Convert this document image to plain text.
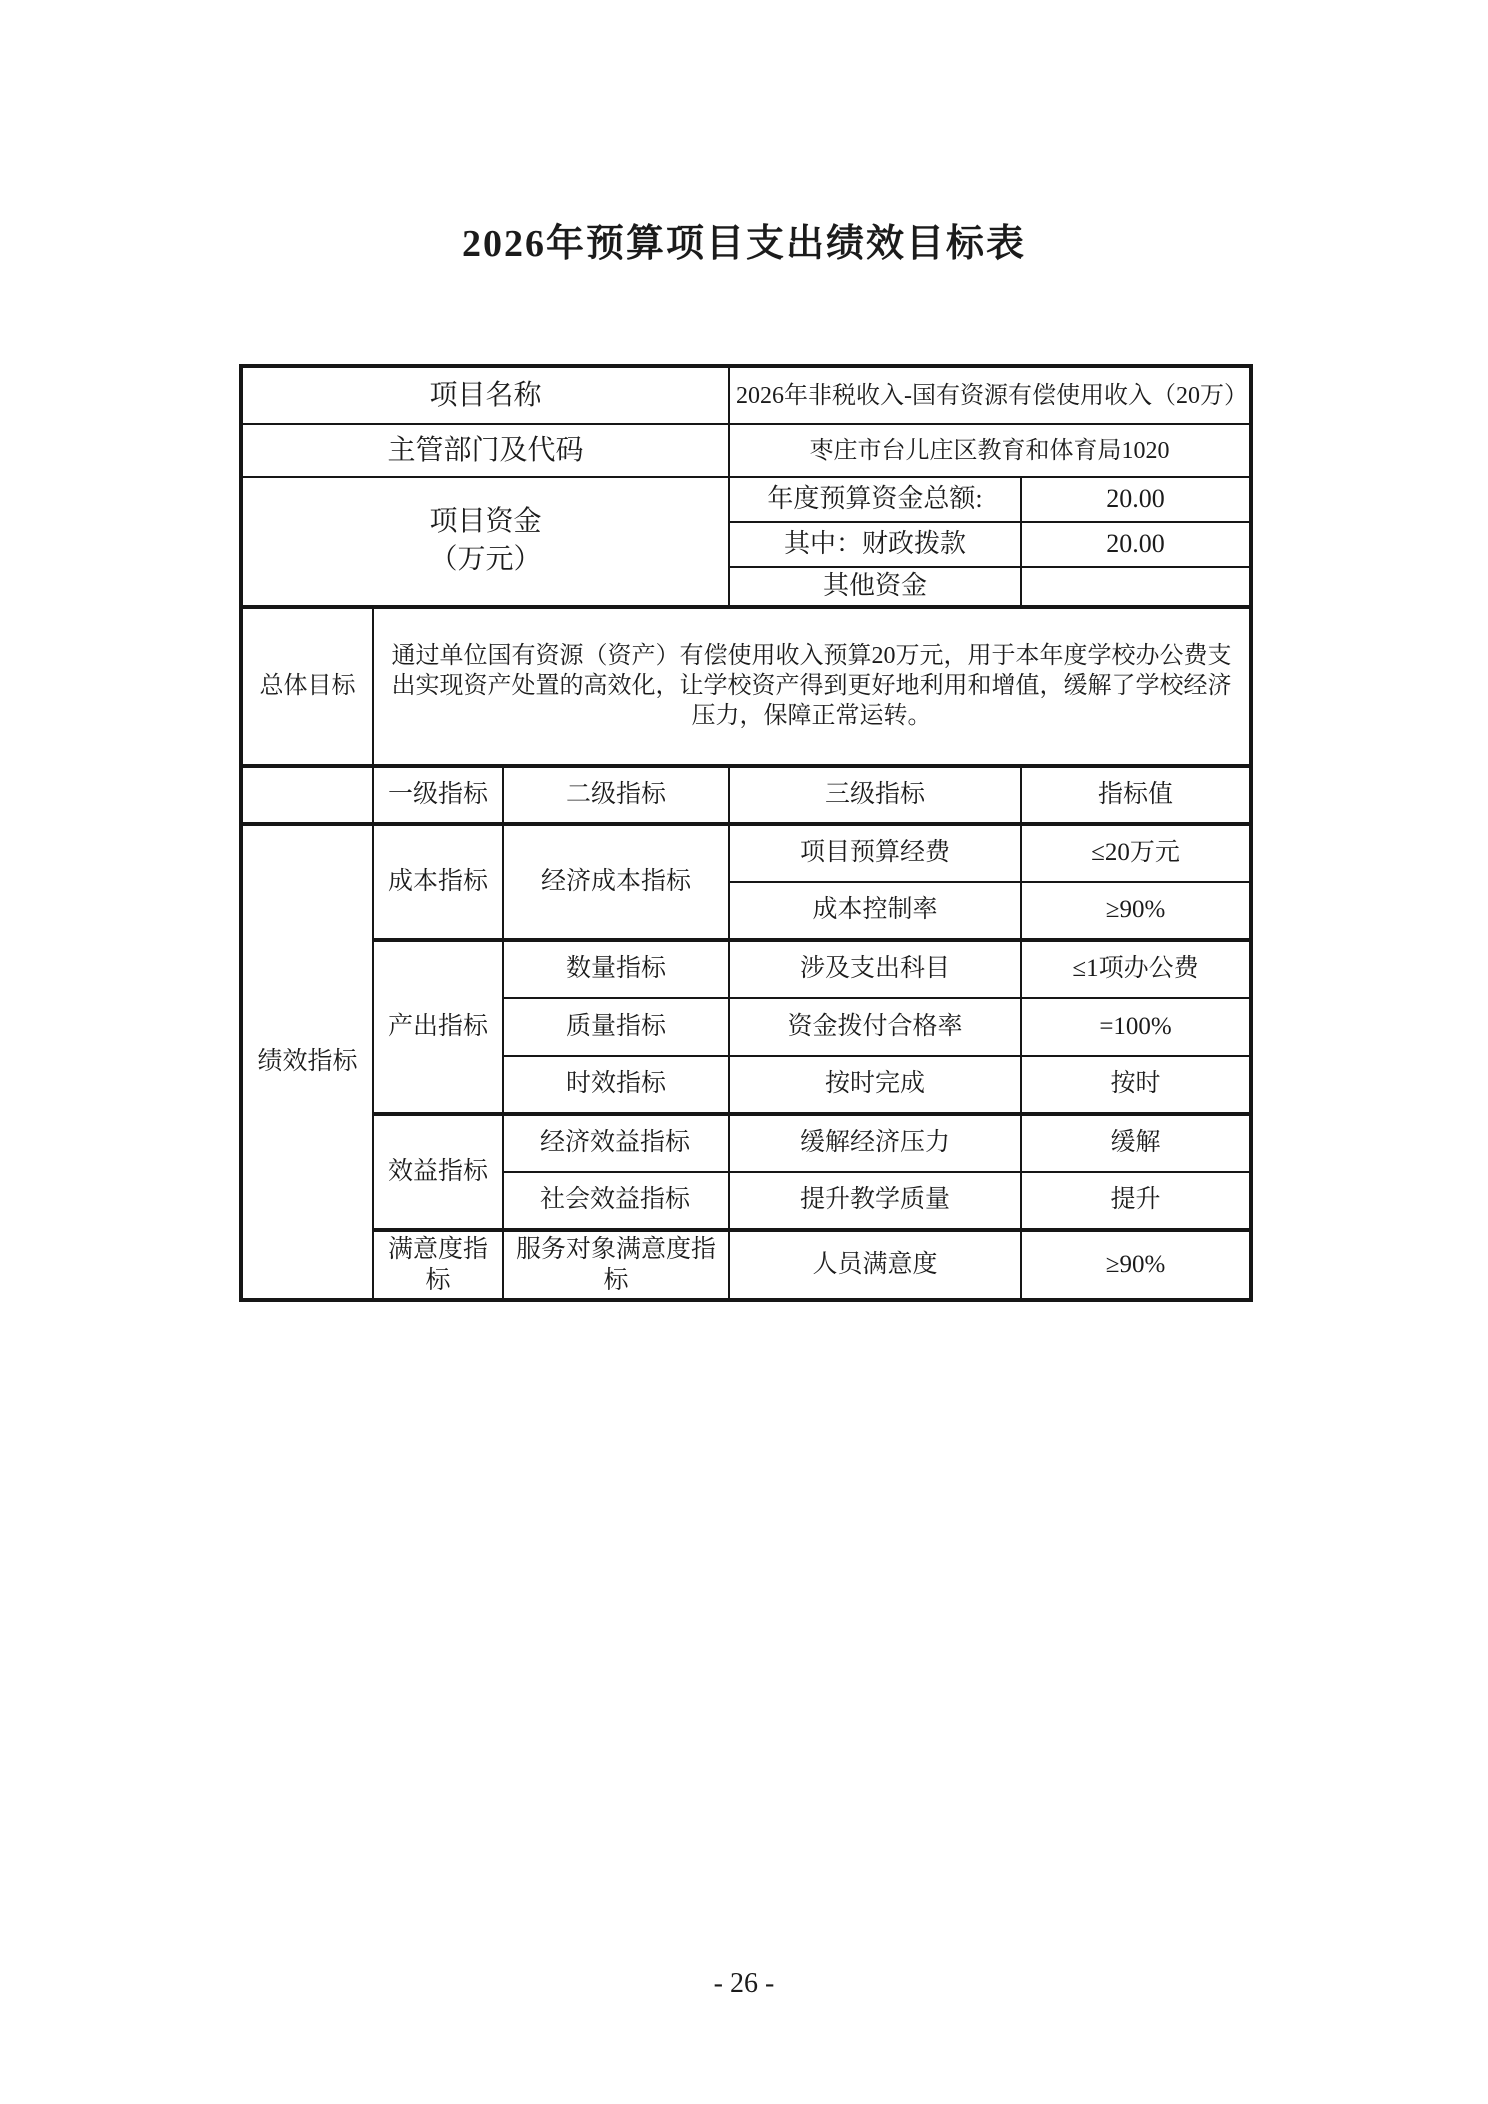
2026年预算项目支出绩效目标表
项目名称			2026年非税收入-国有资源有偿使用收入（20万）	
主管部门及代码			枣庄市台儿庄区教育和体育局1020	

项目资金
（万元）			年度预算资金总额:	20.00
			其中：财政拨款	20.00
			其他资金	
总体目标	通过单位国有资源（资产）有偿使用收入预算20万元，用于本年度学校办公费支出实现资产处置的高效化，让学校资产得到更好地利用和增值，缓解了学校经济压力，保障正常运转。			
	一级指标	二级指标	三级指标	指标值
绩效指标	成本指标	经济成本指标	项目预算经费	≤20万元
			成本控制率	≥90%
	产出指标	数量指标	涉及支出科目	≤1项办公费
		质量指标	资金拨付合格率	=100%
		时效指标	按时完成	按时
	效益指标	经济效益指标	缓解经济压力	缓解
		社会效益指标	提升教学质量	提升
	满意度指标	服务对象满意度指标	人员满意度	≥90%
- 26 -
